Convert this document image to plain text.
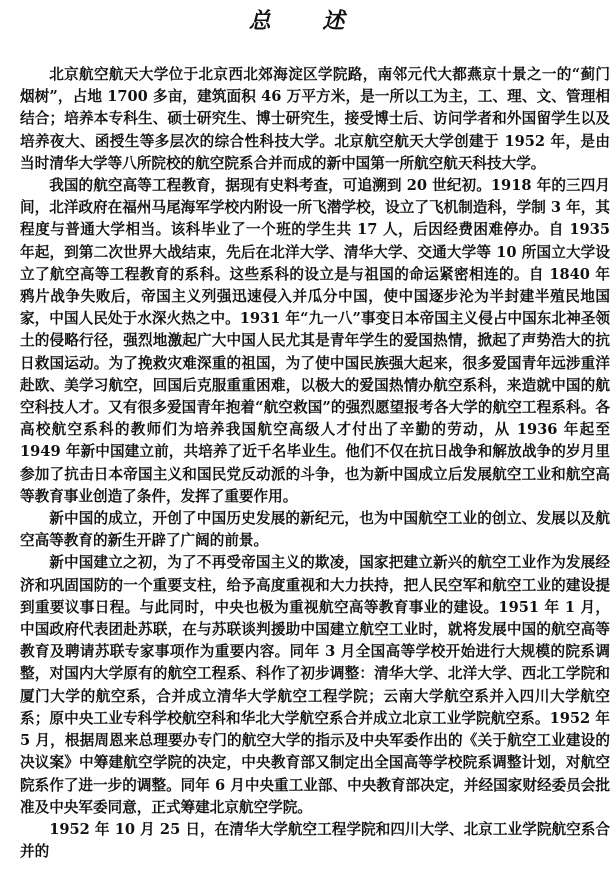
总 述

北京航空航天大学位于北京西北郊海淀区学院路，南邻元代大都燕京十景之一的“蓟门烟树”，占地 1700 多亩，建筑面积 46 万平方米，是一所以工为主，工、理、文、管理相结合；培养本专科生、硕士研究生、博士研究生，接受博士后、访问学者和外国留学生以及培养夜大、函授生等多层次的综合性科技大学。北京航空航天大学创建于 1952 年，是由当时清华大学等八所院校的航空院系合并而成的新中国第一所航空航天科技大学。

我国的航空高等工程教育，据现有史料考查，可追溯到 20 世纪初。1918 年的三四月间，北洋政府在福州马尾海军学校内附设一所飞潜学校，设立了飞机制造科，学制 3 年，其程度与普通大学相当。该科毕业了一个班的学生共 17 人，后因经费困难停办。自 1935 年起，到第二次世界大战结束，先后在北洋大学、清华大学、交通大学等 10 所国立大学设立了航空高等工程教育的系科。这些系科的设立是与祖国的命运紧密相连的。自 1840 年鸦片战争失败后，帝国主义列强迅速侵入并瓜分中国，使中国逐步沦为半封建半殖民地国家，中国人民处于水深火热之中。1931 年“九一八”事变日本帝国主义侵占中国东北神圣领土的侵略行径，强烈地激起广大中国人民尤其是青年学生的爱国热情，掀起了声势浩大的抗日救国运动。为了挽救灾难深重的祖国，为了使中国民族强大起来，很多爱国青年远涉重洋赴欧、美学习航空，回国后克服重重困难，以极大的爱国热情办航空系科，来造就中国的航空科技人才。又有很多爱国青年抱着“航空救国”的强烈愿望报考各大学的航空工程系科。各高校航空系科的教师们为培养我国航空高级人才付出了辛勤的劳动，从 1936 年起至 1949 年新中国建立前，共培养了近千名毕业生。他们不仅在抗日战争和解放战争的岁月里参加了抗击日本帝国主义和国民党反动派的斗争，也为新中国成立后发展航空工业和航空高等教育事业创造了条件，发挥了重要作用。

新中国的成立，开创了中国历史发展的新纪元，也为中国航空工业的创立、发展以及航空高等教育的新生开辟了广阔的前景。

新中国建立之初，为了不再受帝国主义的欺凌，国家把建立新兴的航空工业作为发展经济和巩固国防的一个重要支柱，给予高度重视和大力扶持，把人民空军和航空工业的建设提到重要议事日程。与此同时，中央也极为重视航空高等教育事业的建设。1951 年 1 月，中国政府代表团赴苏联，在与苏联谈判援助中国建立航空工业时，就将发展中国的航空高等教育及聘请苏联专家事项作为重要内容。同年 3 月全国高等学校开始进行大规模的院系调整，对国内大学原有的航空工程系、科作了初步调整：清华大学、北洋大学、西北工学院和厦门大学的航空系，合并成立清华大学航空工程学院；云南大学航空系并入四川大学航空系；原中央工业专科学校航空科和华北大学航空系合并成立北京工业学院航空系。1952 年 5 月，根据周恩来总理要办专门的航空大学的指示及中央军委作出的《关于航空工业建设的决议案》中筹建航空学院的决定，中央教育部又制定出全国高等学校院系调整计划，对航空院系作了进一步的调整。同年 6 月中央重工业部、中央教育部决定，并经国家财经委员会批准及中央军委同意，正式筹建北京航空学院。

1952 年 10 月 25 日，在清华大学航空工程学院和四川大学、北京工业学院航空系合并的
